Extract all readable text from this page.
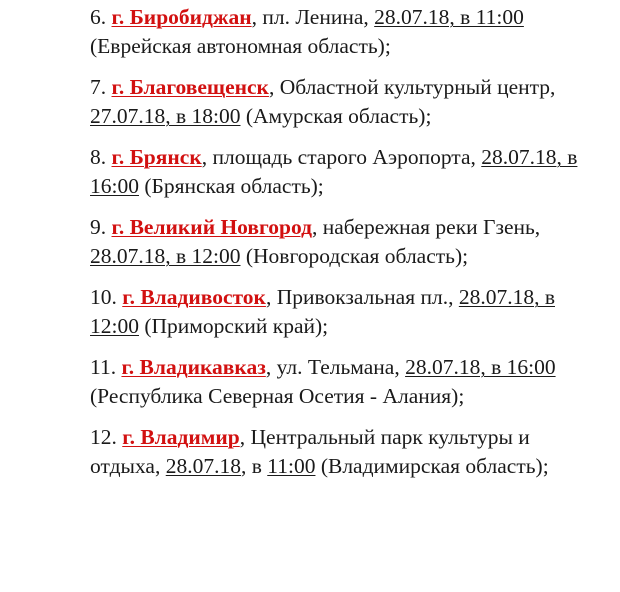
6. г. Биробиджан, пл. Ленина, 28.07.18, в 11:00 (Еврейская автономная область);

7. г. Благовещенск, Областной культурный центр, 27.07.18, в 18:00 (Амурская область);

8. г. Брянск, площадь старого Аэропорта, 28.07.18, в 16:00 (Брянская область);

9. г. Великий Новгород, набережная реки Гзень, 28.07.18, в 12:00 (Новгородская область);

10. г. Владивосток, Привокзальная пл., 28.07.18, в 12:00 (Приморский край);

11. г. Владикавказ, ул. Тельмана, 28.07.18, в 16:00 (Республика Северная Осетия - Алания);

12. г. Владимир, Центральный парк культуры и отдыха, 28.07.18, в 11:00 (Владимирская область);
